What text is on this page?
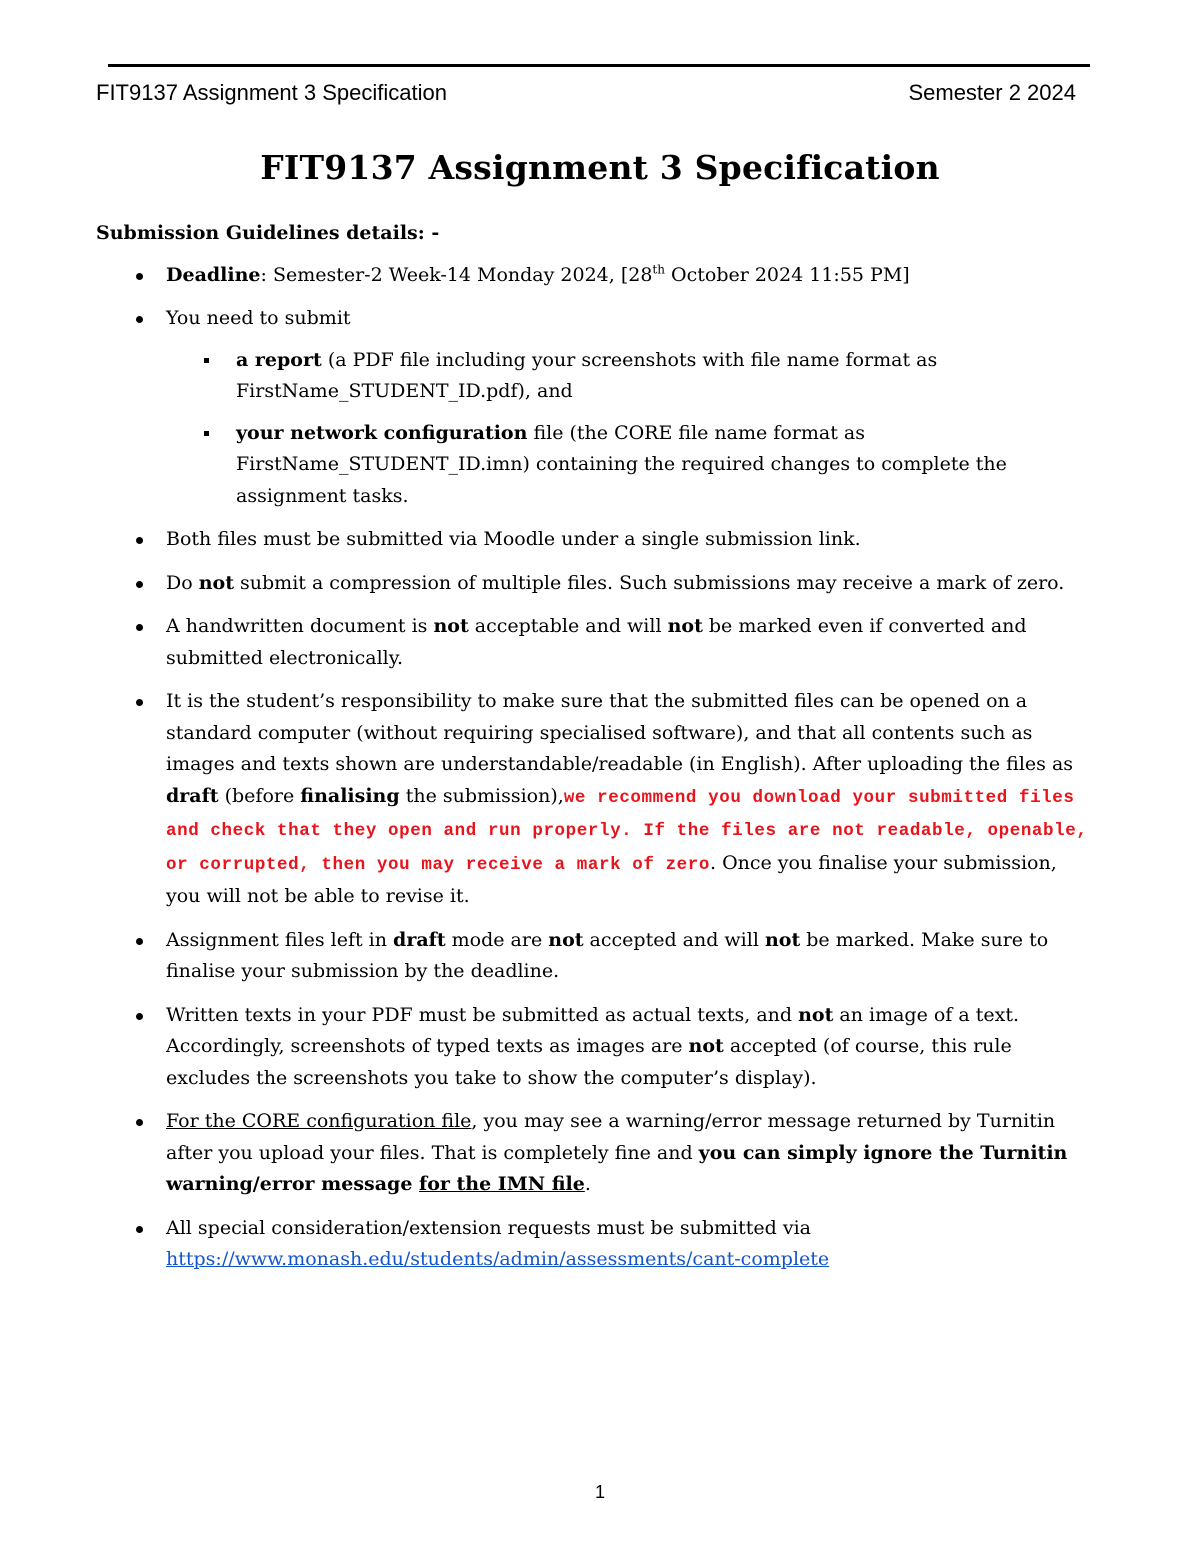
FIT9137 Assignment 3 Specification	Semester 2 2024
FIT9137 Assignment 3 Specification
Submission Guidelines details: -
Deadline: Semester-2 Week-14 Monday 2024, [28th October 2024 11:55 PM]
You need to submit
a report (a PDF file including your screenshots with file name format as FirstName_STUDENT_ID.pdf), and
your network configuration file (the CORE file name format as FirstName_STUDENT_ID.imn) containing the required changes to complete the assignment tasks.
Both files must be submitted via Moodle under a single submission link.
Do not submit a compression of multiple files. Such submissions may receive a mark of zero.
A handwritten document is not acceptable and will not be marked even if converted and submitted electronically.
It is the student’s responsibility to make sure that the submitted files can be opened on a standard computer (without requiring specialised software), and that all contents such as images and texts shown are understandable/readable (in English). After uploading the files as draft (before finalising the submission),we recommend you download your submitted files and check that they open and run properly. If the files are not readable, openable, or corrupted, then you may receive a mark of zero. Once you finalise your submission, you will not be able to revise it.
Assignment files left in draft mode are not accepted and will not be marked. Make sure to finalise your submission by the deadline.
Written texts in your PDF must be submitted as actual texts, and not an image of a text. Accordingly, screenshots of typed texts as images are not accepted (of course, this rule excludes the screenshots you take to show the computer’s display).
For the CORE configuration file, you may see a warning/error message returned by Turnitin after you upload your files. That is completely fine and you can simply ignore the Turnitin warning/error message for the IMN file.
All special consideration/extension requests must be submitted via
https://www.monash.edu/students/admin/assessments/cant-complete
1
